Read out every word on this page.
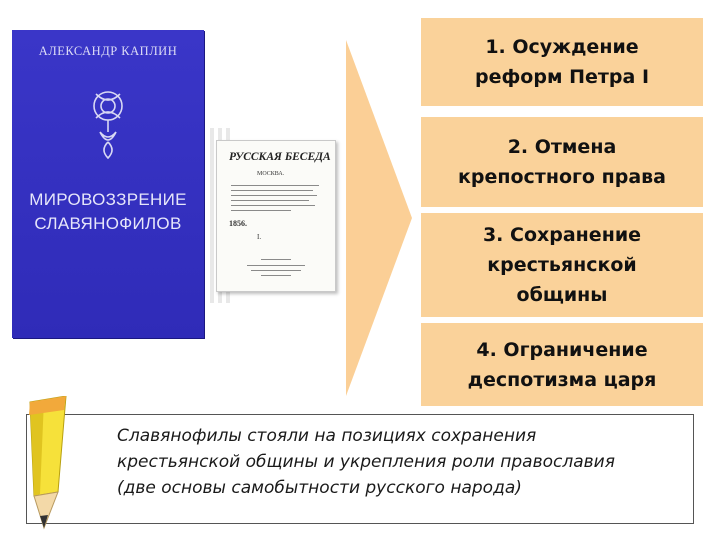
АЛЕКСАНДР КАПЛИН
МИРОВОЗЗРЕНИЕ
СЛАВЯНОФИЛОВ
РУССКАЯ БЕСЕДА
МОСКВА.
1856.
I.
1. Осуждение
реформ Петра I
2. Отмена
крепостного права
3. Сохранение
крестьянской
общины
4. Ограничение
деспотизма царя
Славянофилы стояли на позициях сохранения
крестьянской общины и укрепления роли православия
(две основы самобытности русского народа)
